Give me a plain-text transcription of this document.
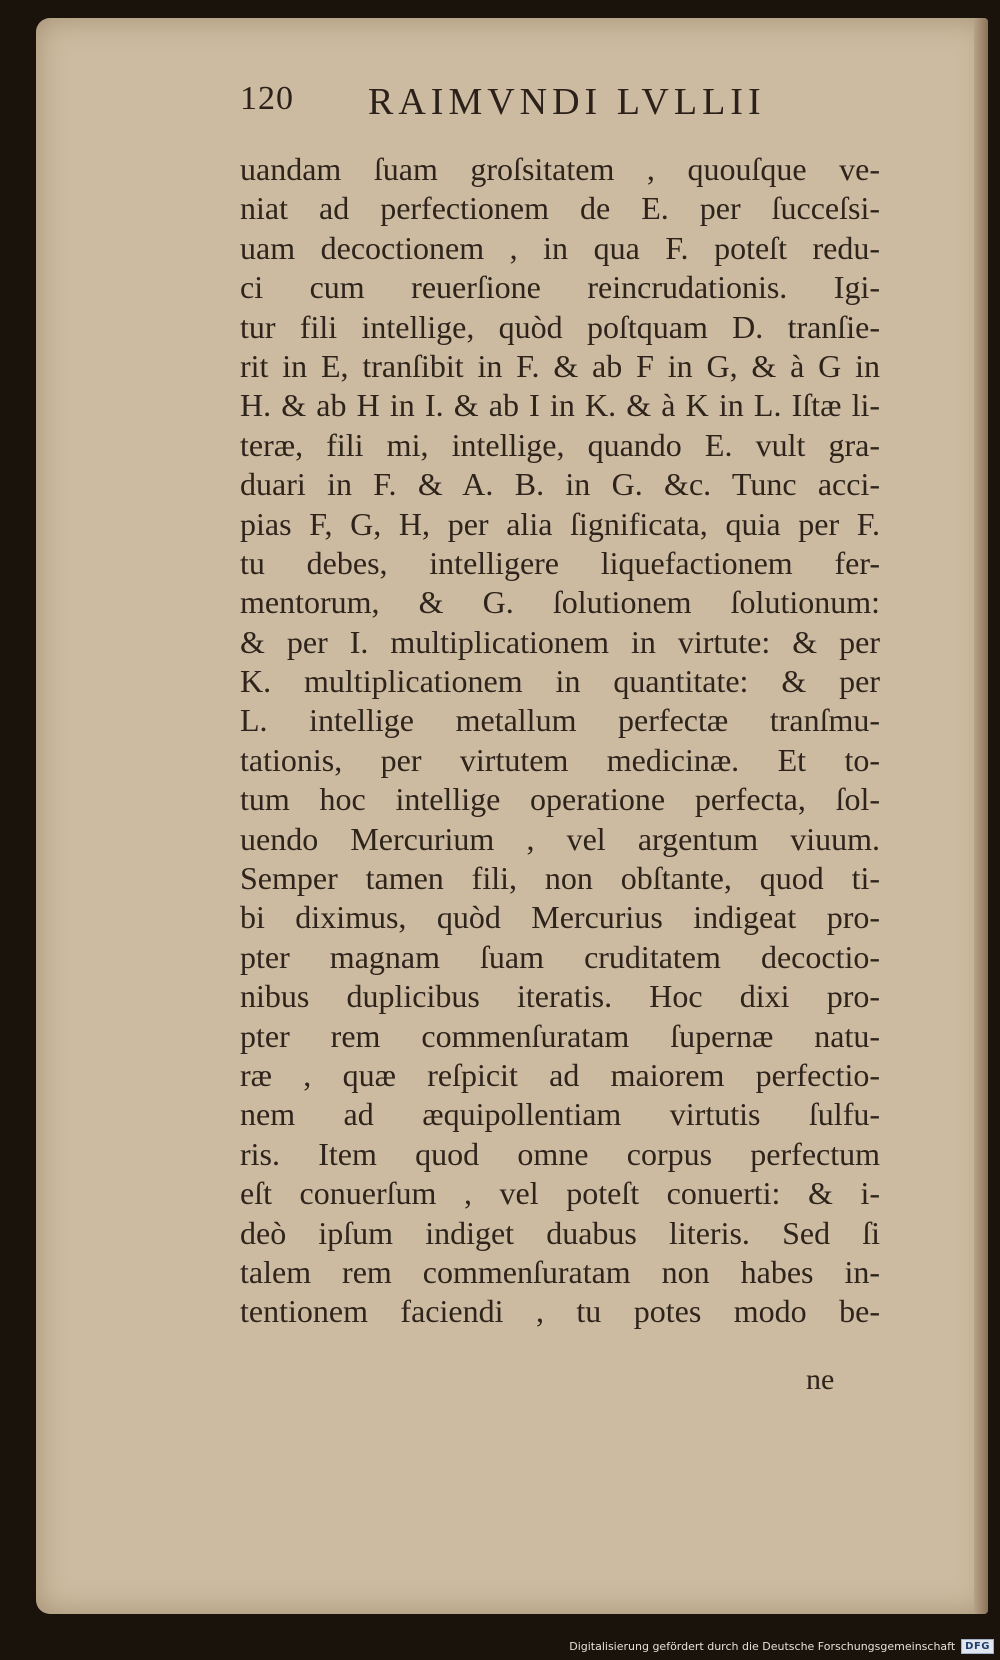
120 RAIMVNDI LVLLII
uandam ſuam groſsitatem , quouſque ve-
niat ad perfectionem de E. per ſucceſsi-
uam decoctionem , in qua F. poteſt redu-
ci cum reuerſione reincrudationis. Igi-
tur fili intellige, quòd poſtquam D. tranſie-
rit in E, tranſibit in F. & ab F in G, & à G in
H. & ab H in I. & ab I in K. & à K in L. Iſtæ li-
teræ, fili mi, intellige, quando E. vult gra-
duari in F. & A. B. in G. &c. Tunc acci-
pias F, G, H, per alia ſignificata, quia per F.
tu debes, intelligere liquefactionem fer-
mentorum, & G. ſolutionem ſolutionum:
& per I. multiplicationem in virtute: & per
K. multiplicationem in quantitate: & per
L. intellige metallum perfectæ tranſmu-
tationis, per virtutem medicinæ. Et to-
tum hoc intellige operatione perfecta, ſol-
uendo Mercurium , vel argentum viuum.
Semper tamen fili, non obſtante, quod ti-
bi diximus, quòd Mercurius indigeat pro-
pter magnam ſuam cruditatem decoctio-
nibus duplicibus iteratis. Hoc dixi pro-
pter rem commenſuratam ſupernæ natu-
ræ , quæ reſpicit ad maiorem perfectio-
nem ad æquipollentiam virtutis ſulfu-
ris. Item quod omne corpus perfectum
eſt conuerſum , vel poteſt conuerti: & i-
deò ipſum indiget duabus literis. Sed ſi
talem rem commenſuratam non habes in-
tentionem faciendi , tu potes modo be-
ne
Digitalisierung gefördert durch die Deutsche Forschungsgemeinschaft	DFG
